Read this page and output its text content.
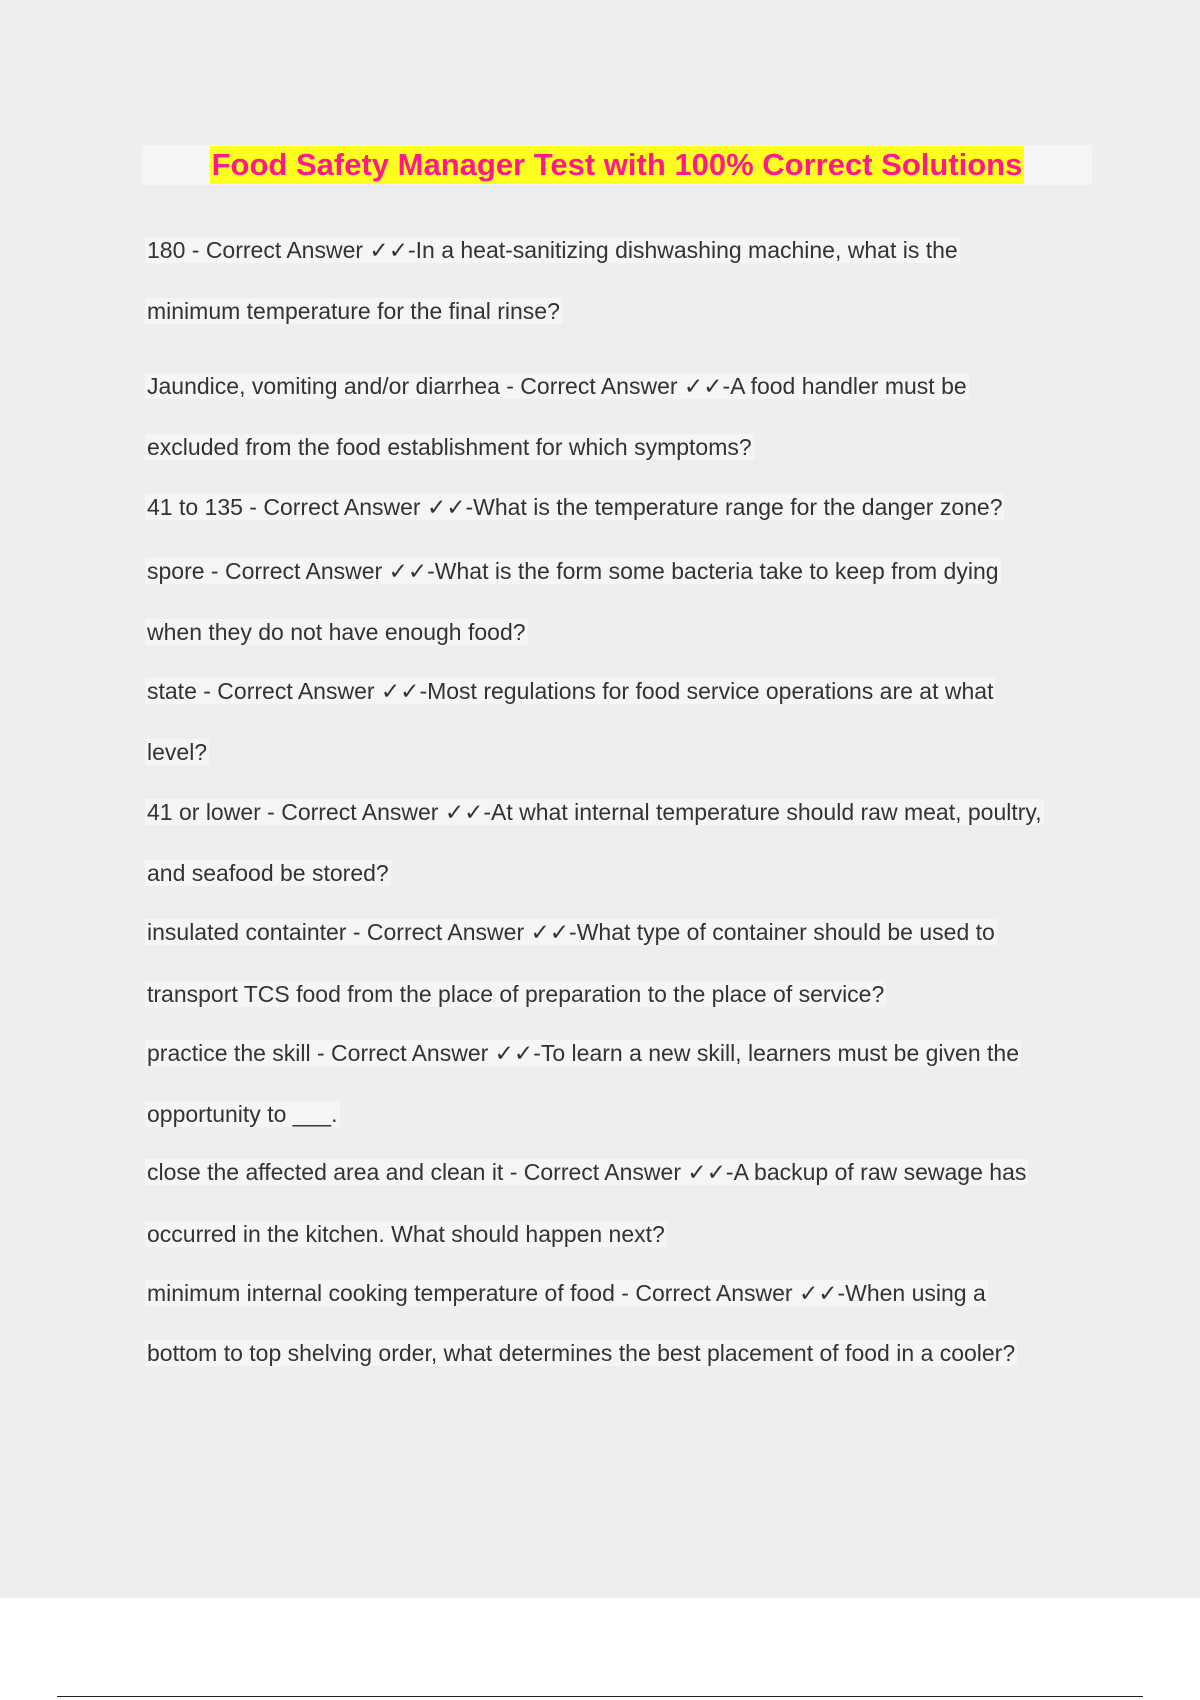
Food Safety Manager Test with 100% Correct Solutions
180 - Correct Answer ✓✓-In a heat-sanitizing dishwashing machine, what is the
minimum temperature for the final rinse?
Jaundice, vomiting and/or diarrhea - Correct Answer ✓✓-A food handler must be
excluded from the food establishment for which symptoms?
41 to 135 - Correct Answer ✓✓-What is the temperature range for the danger zone?
spore - Correct Answer ✓✓-What is the form some bacteria take to keep from dying
when they do not have enough food?
state - Correct Answer ✓✓-Most regulations for food service operations are at what
level?
41 or lower - Correct Answer ✓✓-At what internal temperature should raw meat, poultry,
and seafood be stored?
insulated containter - Correct Answer ✓✓-What type of container should be used to
transport TCS food from the place of preparation to the place of service?
practice the skill - Correct Answer ✓✓-To learn a new skill, learners must be given the
opportunity to ___.
close the affected area and clean it - Correct Answer ✓✓-A backup of raw sewage has
occurred in the kitchen. What should happen next?
minimum internal cooking temperature of food - Correct Answer ✓✓-When using a
bottom to top shelving order, what determines the best placement of food in a cooler?
